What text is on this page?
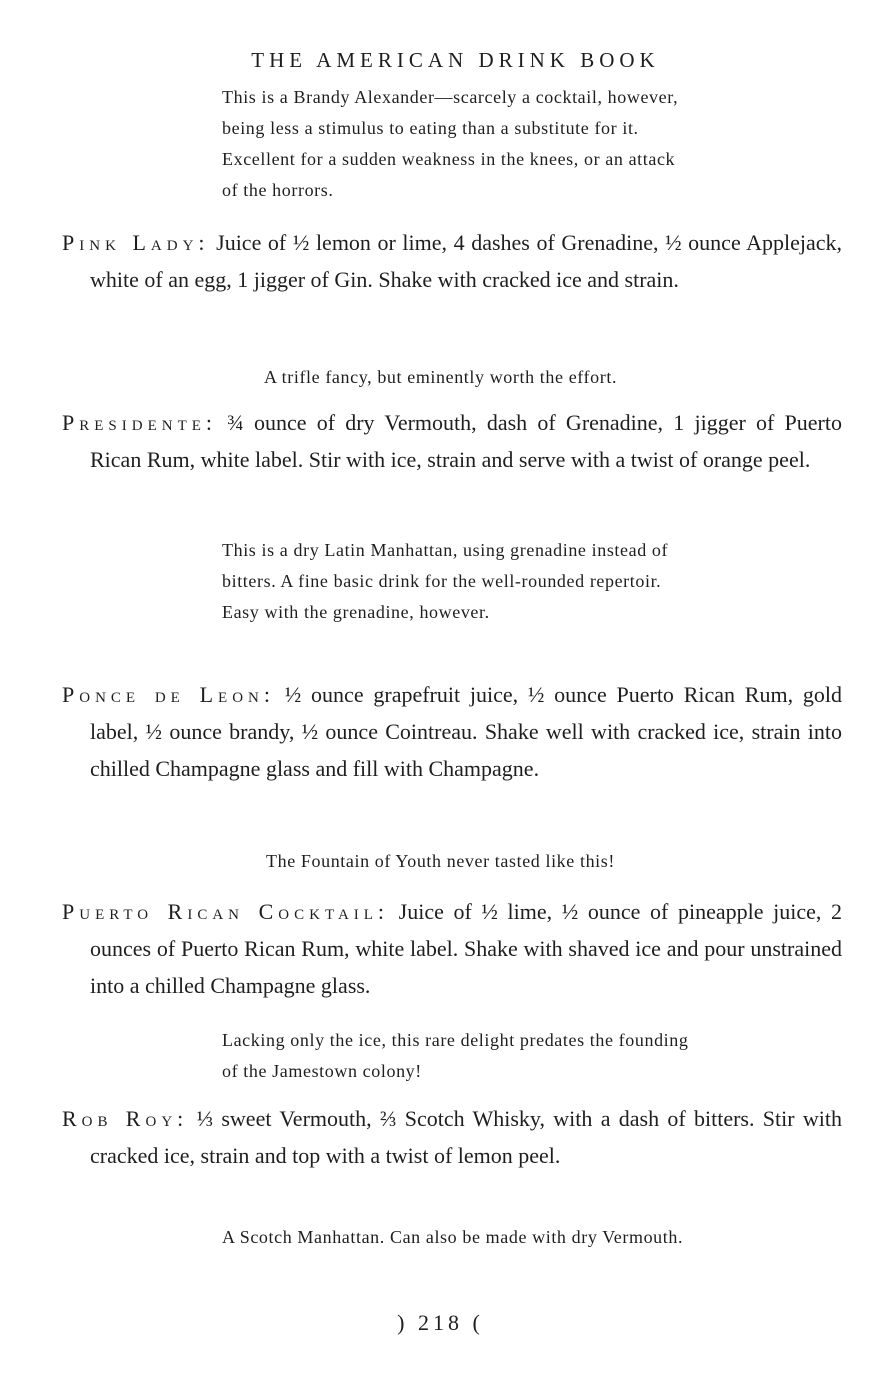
THE AMERICAN DRINK BOOK
This is a Brandy Alexander—scarcely a cocktail, however, being less a stimulus to eating than a substitute for it. Excellent for a sudden weakness in the knees, or an attack of the horrors.
Pink Lady: Juice of ½ lemon or lime, 4 dashes of Grenadine, ½ ounce Applejack, white of an egg, 1 jigger of Gin. Shake with cracked ice and strain.
A trifle fancy, but eminently worth the effort.
Presidente: ¾ ounce of dry Vermouth, dash of Grenadine, 1 jigger of Puerto Rican Rum, white label. Stir with ice, strain and serve with a twist of orange peel.
This is a dry Latin Manhattan, using grenadine instead of bitters. A fine basic drink for the well-rounded repertoir. Easy with the grenadine, however.
Ponce de Leon: ½ ounce grapefruit juice, ½ ounce Puerto Rican Rum, gold label, ½ ounce brandy, ½ ounce Cointreau. Shake well with cracked ice, strain into chilled Champagne glass and fill with Champagne.
The Fountain of Youth never tasted like this!
Puerto Rican Cocktail: Juice of ½ lime, ½ ounce of pineapple juice, 2 ounces of Puerto Rican Rum, white label. Shake with shaved ice and pour unstrained into a chilled Champagne glass.
Lacking only the ice, this rare delight predates the founding of the Jamestown colony!
Rob Roy: ⅓ sweet Vermouth, ⅔ Scotch Whisky, with a dash of bitters. Stir with cracked ice, strain and top with a twist of lemon peel.
A Scotch Manhattan. Can also be made with dry Vermouth.
) 218 (
